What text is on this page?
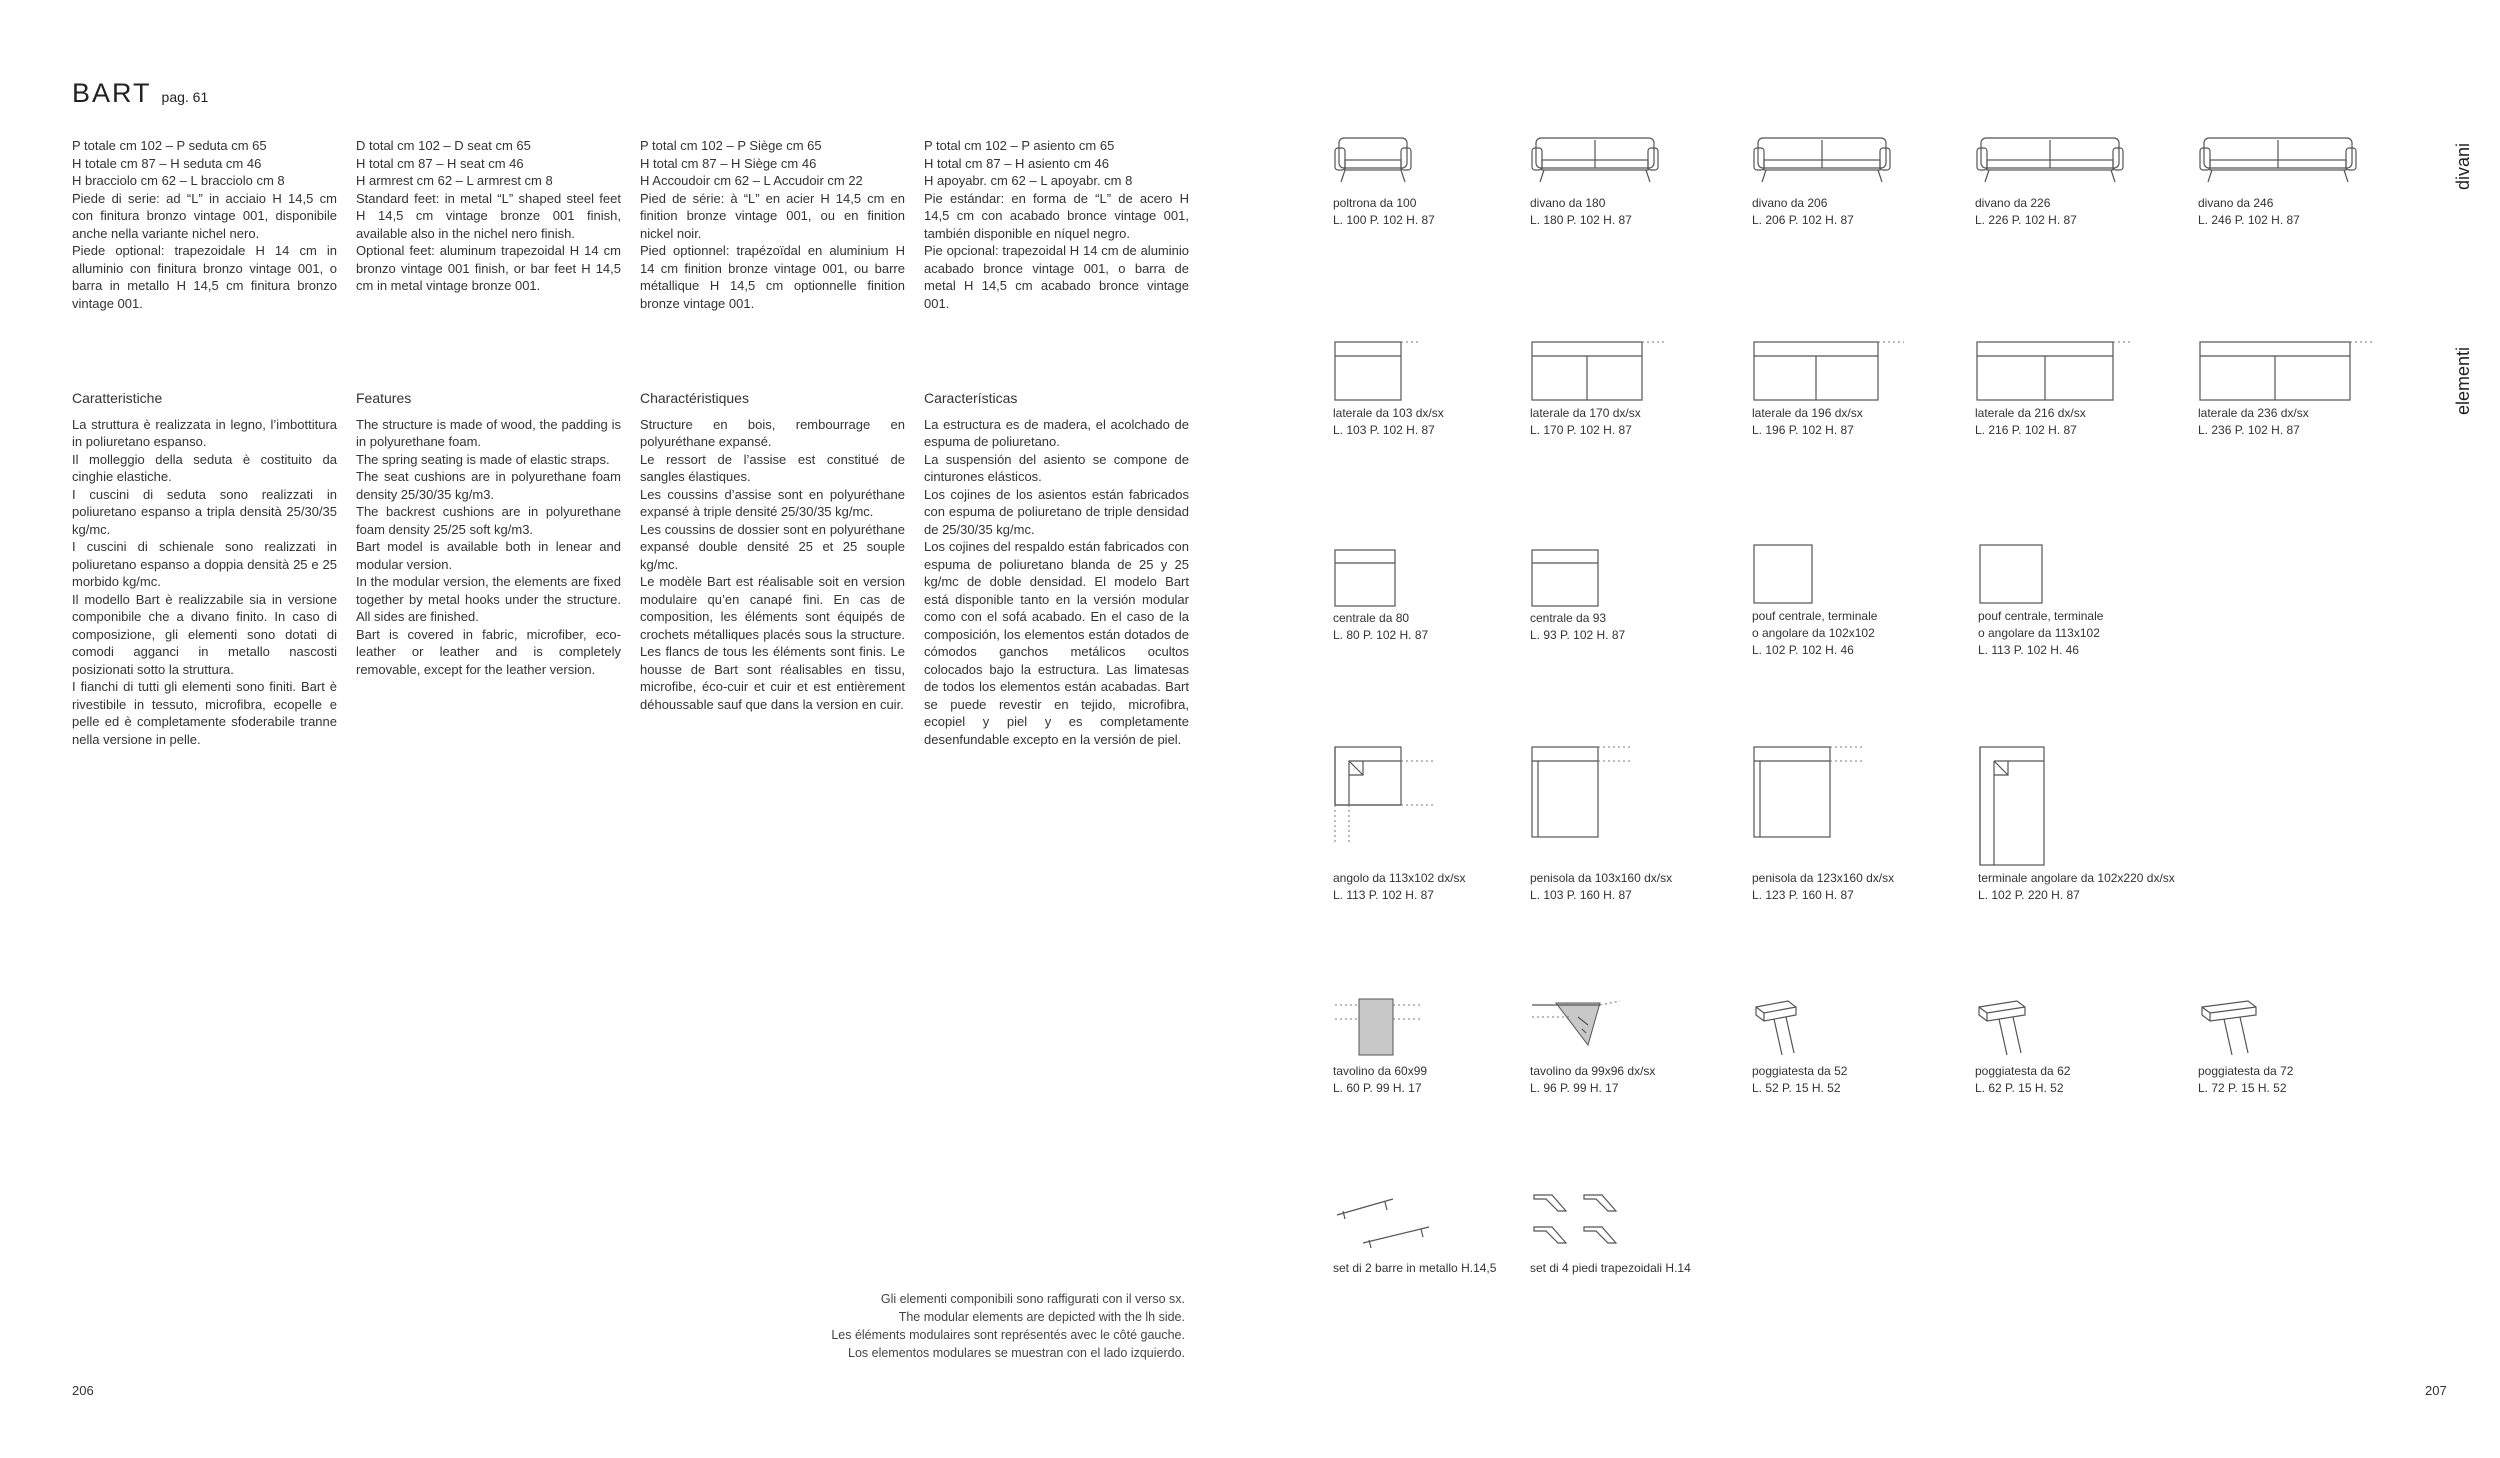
BART pag. 61

P totale cm 102 – P seduta cm 65
H totale cm 87 – H seduta cm 46
H bracciolo cm 62 – L bracciolo cm 8
Piede di serie: ad “L” in acciaio H 14,5 cm con finitura bronzo vintage 001, disponibile anche nella variante nichel nero.
Piede optional: trapezoidale H 14 cm in alluminio con finitura bronzo vintage 001, o barra in metallo H 14,5 cm finitura bronzo vintage 001.

D total cm 102 – D seat cm 65
H total cm 87 – H seat cm 46
H armrest cm 62 – L armrest cm 8
Standard feet: in metal “L” shaped steel feet H 14,5 cm vintage bronze 001 finish, available also in the nichel nero finish.
Optional feet: aluminum trapezoidal H 14 cm bronzo vintage 001 finish, or bar feet H 14,5 cm in metal vintage bronze 001.

P total cm 102 – P Siège cm 65
H total cm 87 – H Siège cm 46
H Accoudoir cm 62 – L Accudoir cm 22
Pied de série: à “L” en acier H 14,5 cm en finition bronze vintage 001, ou en finition nickel noir.
Pied optionnel: trapézoïdal en aluminium H 14 cm finition bronze vintage 001, ou barre métallique H 14,5 cm optionnelle finition bronze vintage 001.

P total cm 102 – P asiento cm 65
H total cm 87 – H asiento cm 46
H apoyabr. cm 62 – L apoyabr. cm 8
Pie estándar: en forma de “L” de acero H 14,5 cm con acabado bronce vintage 001, también disponible en níquel negro.
Pie opcional: trapezoidal H 14 cm de aluminio acabado bronce vintage 001, o barra de metal H 14,5 cm acabado bronce vintage 001.

Caratteristiche

La struttura è realizzata in legno, l’imbottitura in poliuretano espanso.
Il molleggio della seduta è costituito da cinghie elastiche.
I cuscini di seduta sono realizzati in poliuretano espanso a tripla densità 25/30/35 kg/mc.
I cuscini di schienale sono realizzati in poliuretano espanso a doppia densità 25 e 25 morbido kg/mc.
Il modello Bart è realizzabile sia in versione componibile che a divano finito. In caso di composizione, gli elementi sono dotati di comodi agganci in metallo nascosti posizionati sotto la struttura.
I fianchi di tutti gli elementi sono finiti. Bart è rivestibile in tessuto, microfibra, ecopelle e pelle ed è completamente sfoderabile tranne nella versione in pelle.

Features

The structure is made of wood, the padding is in polyurethane foam.
The spring seating is made of elastic straps.
The seat cushions are in polyurethane foam density 25/30/35 kg/m3.
The backrest cushions are in polyurethane foam density 25/25 soft kg/m3.
Bart model is available both in lenear and modular version.
In the modular version, the elements are fixed together by metal hooks under the structure. All sides are finished.
Bart is covered in fabric, microfiber, eco- leather or leather and is completely removable, except for the leather version.

Charactéristiques

Structure en bois, rembourrage en polyuréthane expansé.
Le ressort de l’assise est constitué de sangles élastiques.
Les coussins d’assise sont en polyuréthane expansé à triple densité 25/30/35 kg/mc.
Les coussins de dossier sont en polyuréthane expansé double densité 25 et 25 souple kg/mc.
Le modèle Bart est réalisable soit en version modulaire qu’en canapé fini. En cas de composition, les éléments sont équipés de crochets métalliques placés sous la structure. Les flancs de tous les éléments sont finis. Le housse de Bart sont réalisables en tissu, microfibe, éco-cuir et cuir et est entièrement déhoussable sauf que dans la version en cuir.

Características

La estructura es de madera, el acolchado de espuma de poliuretano.
La suspensión del asiento se compone de cinturones elásticos.
Los cojines de los asientos están fabricados con espuma de poliuretano de triple densidad de 25/30/35 kg/mc.
Los cojines del respaldo están fabricados con espuma de poliuretano blanda de 25 y 25 kg/mc de doble densidad. El modelo Bart está disponible tanto en la versión modular como con el sofá acabado. En el caso de la composición, los elementos están dotados de cómodos ganchos metálicos ocultos colocados bajo la estructura. Las limatesas de todos los elementos están acabadas. Bart se puede revestir en tejido, microfibra, ecopiel y piel y es completamente desenfundable excepto en la versión de piel.

Gli elementi componibili sono raffigurati con il verso sx.
The modular elements are depicted with the lh side.
Les éléments modulaires sont représentés avec le côté gauche.
Los elementos modulares se muestran con el lado izquierdo.
206	207
divani
elementi
poltrona da 100
L. 100 P. 102 H. 87
divano da 180
L. 180 P. 102 H. 87
divano da 206
L. 206 P. 102 H. 87
divano da 226
L. 226 P. 102 H. 87
divano da 246
L. 246 P. 102 H. 87
laterale da 103 dx/sx
L. 103 P. 102 H. 87
laterale da 170 dx/sx
L. 170 P. 102 H. 87
laterale da 196 dx/sx
L. 196 P. 102 H. 87
laterale da 216 dx/sx
L. 216 P. 102 H. 87
laterale da 236 dx/sx
L. 236 P. 102 H. 87
centrale da 80
L. 80 P. 102 H. 87
centrale da 93
L. 93 P. 102 H. 87
pouf centrale, terminale
o angolare da 102x102
L. 102 P. 102 H. 46
pouf centrale, terminale
o angolare da 113x102
L. 113 P. 102 H. 46
angolo da 113x102 dx/sx
L. 113 P. 102 H. 87
penisola da 103x160 dx/sx
L. 103 P. 160 H. 87
penisola da 123x160 dx/sx
L. 123 P. 160 H. 87
terminale angolare da 102x220 dx/sx
L. 102 P. 220 H. 87
tavolino da 60x99
L. 60 P. 99 H. 17
tavolino da 99x96 dx/sx
L. 96 P. 99 H. 17
poggiatesta da 52
L. 52 P. 15 H. 52
poggiatesta da 62
L. 62 P. 15 H. 52
poggiatesta da 72
L. 72 P. 15 H. 52
set di 2 barre in metallo H.14,5	set di 4 piedi trapezoidali H.14
